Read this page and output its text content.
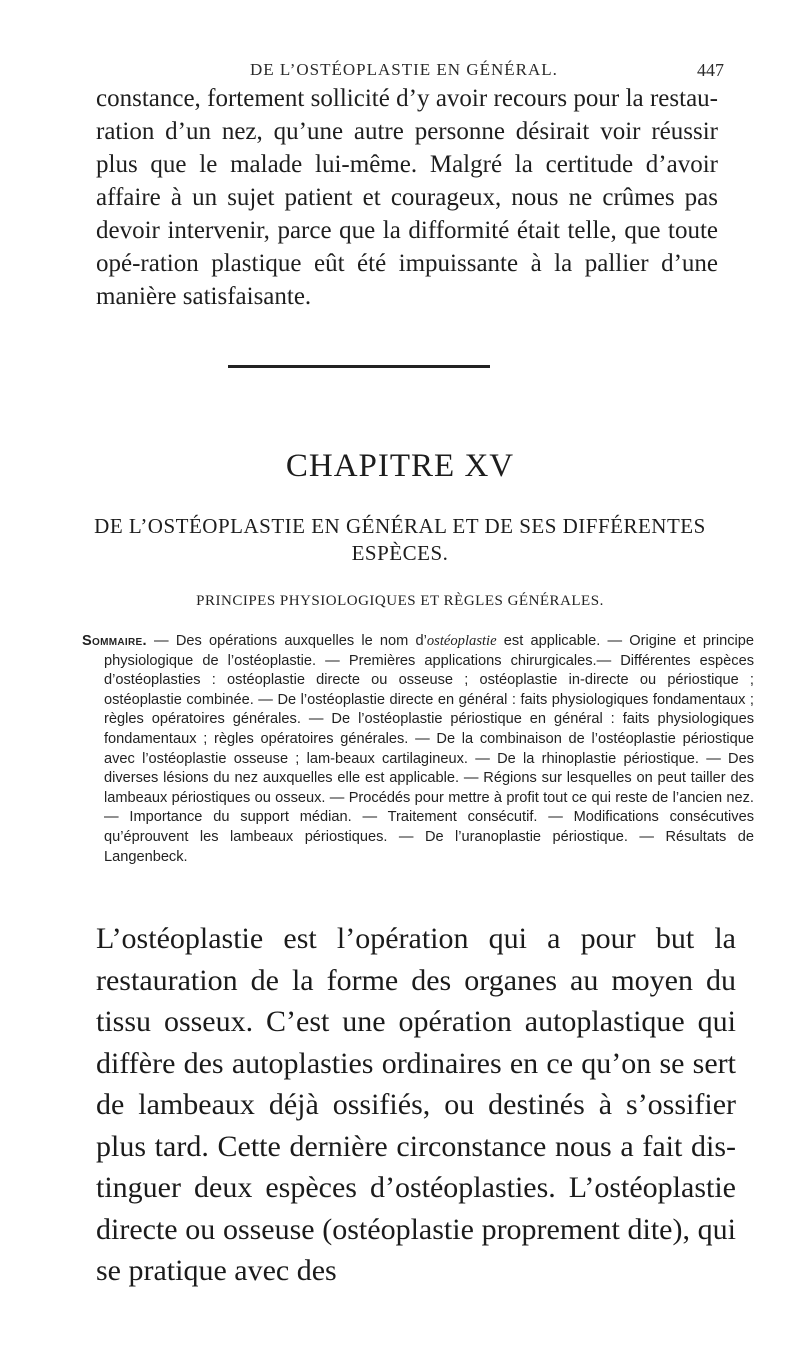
DE L’OSTÉOPLASTIE EN GÉNÉRAL.	447

constance, fortement sollicité d’y avoir recours pour la restau-ration d’un nez, qu’une autre personne désirait voir réussir plus que le malade lui-même. Malgré la certitude d’avoir affaire à un sujet patient et courageux, nous ne crûmes pas devoir intervenir, parce que la difformité était telle, que toute opé-ration plastique eût été impuissante à la pallier d’une manière satisfaisante.

CHAPITRE XV
DE L’OSTÉOPLASTIE EN GÉNÉRAL ET DE SES DIFFÉRENTES ESPÈCES.
PRINCIPES PHYSIOLOGIQUES ET RÈGLES GÉNÉRALES.

Sommaire. — Des opérations auxquelles le nom d’ostéoplastie est applicable. — Origine et principe physiologique de l’ostéoplastie. — Premières applications chirurgicales.— Différentes espèces d’ostéoplasties : ostéoplastie directe ou osseuse ; ostéoplastie in-directe ou périostique ; ostéoplastie combinée. — De l’ostéoplastie directe en général : faits physiologiques fondamentaux ; règles opératoires générales. — De l’ostéoplastie périostique en général : faits physiologiques fondamentaux ; règles opératoires générales. — De la combinaison de l’ostéoplastie périostique avec l’ostéoplastie osseuse ; lam-beaux cartilagineux. — De la rhinoplastie périostique. — Des diverses lésions du nez auxquelles elle est applicable. — Régions sur lesquelles on peut tailler des lambeaux périostiques ou osseux. — Procédés pour mettre à profit tout ce qui reste de l’ancien nez. — Importance du support médian. — Traitement consécutif. — Modifications consécutives qu’éprouvent les lambeaux périostiques. — De l’uranoplastie périostique. — Résultats de Langenbeck.

L’ostéoplastie est l’opération qui a pour but la restauration de la forme des organes au moyen du tissu osseux. C’est une opération autoplastique qui diffère des autoplasties ordinaires en ce qu’on se sert de lambeaux déjà ossifiés, ou destinés à s’ossifier plus tard. Cette dernière circonstance nous a fait dis-tinguer deux espèces d’ostéoplasties. L’ostéoplastie directe ou osseuse (ostéoplastie proprement dite), qui se pratique avec des
